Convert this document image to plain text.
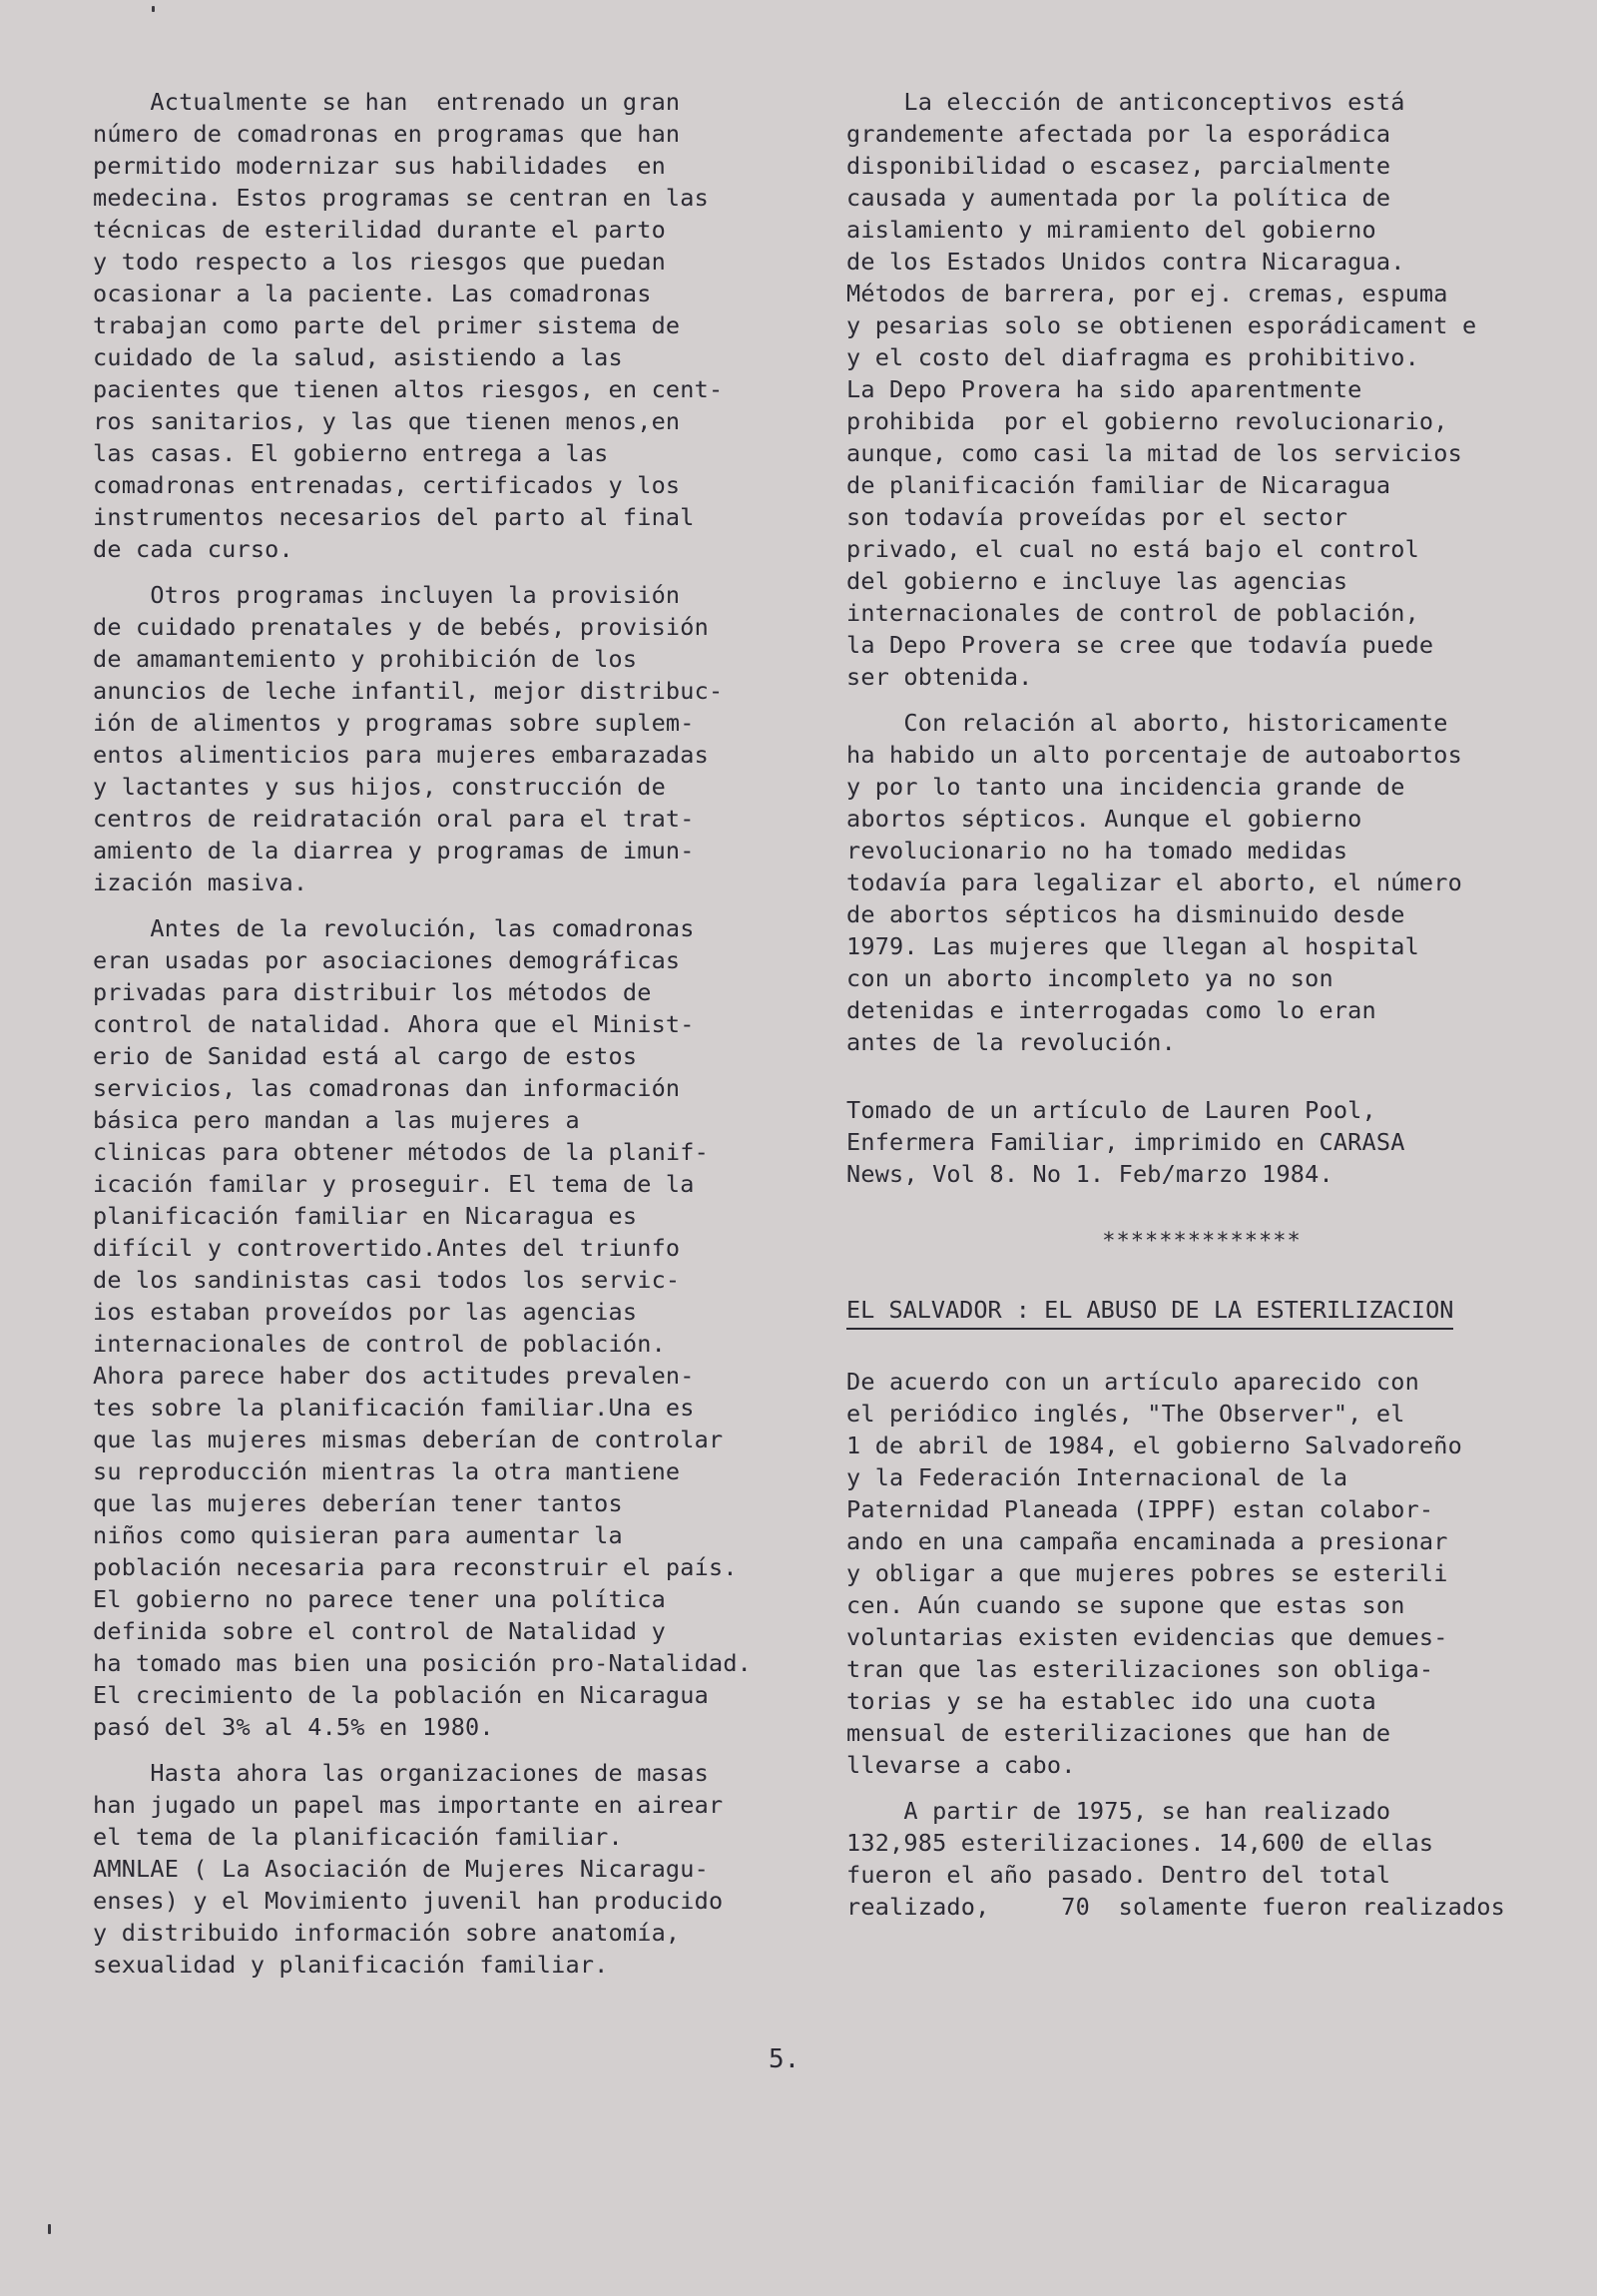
Actualmente se han  entrenado un gran
número de comadronas en programas que han
permitido modernizar sus habilidades  en
medecina. Estos programas se centran en las
técnicas de esterilidad durante el parto
y todo respecto a los riesgos que puedan
ocasionar a la paciente. Las comadronas
trabajan como parte del primer sistema de
cuidado de la salud, asistiendo a las
pacientes que tienen altos riesgos, en cent-
ros sanitarios, y las que tienen menos,en
las casas. El gobierno entrega a las
comadronas entrenadas, certificados y los
instrumentos necesarios del parto al final
de cada curso.

Otros programas incluyen la provisión
de cuidado prenatales y de bebés, provisión
de amamantemiento y prohibición de los
anuncios de leche infantil, mejor distribuc-
ión de alimentos y programas sobre suplem-
entos alimenticios para mujeres embarazadas
y lactantes y sus hijos, construcción de
centros de reidratación oral para el trat-
amiento de la diarrea y programas de imun-
ización masiva.

Antes de la revolución, las comadronas
eran usadas por asociaciones demográficas
privadas para distribuir los métodos de
control de natalidad. Ahora que el Minist-
erio de Sanidad está al cargo de estos
servicios, las comadronas dan información
básica pero mandan a las mujeres a
clinicas para obtener métodos de la planif-
icación familar y proseguir. El tema de la
planificación familiar en Nicaragua es
difícil y controvertido.Antes del triunfo
de los sandinistas casi todos los servic-
ios estaban proveídos por las agencias
internacionales de control de población.
Ahora parece haber dos actitudes prevalen-
tes sobre la planificación familiar.Una es
que las mujeres mismas deberían de controlar
su reproducción mientras la otra mantiene
que las mujeres deberían tener tantos
niños como quisieran para aumentar la
población necesaria para reconstruir el país.
El gobierno no parece tener una política
definida sobre el control de Natalidad y
ha tomado mas bien una posición pro-Natalidad.
El crecimiento de la población en Nicaragua
pasó del 3% al 4.5% en 1980.

Hasta ahora las organizaciones de masas
han jugado un papel mas importante en airear
el tema de la planificación familiar.
AMNLAE ( La Asociación de Mujeres Nicaragu-
enses) y el Movimiento juvenil han producido
y distribuido información sobre anatomía,
sexualidad y planificación familiar.

La elección de anticonceptivos está
grandemente afectada por la esporádica
disponibilidad o escasez, parcialmente
causada y aumentada por la política de
aislamiento y miramiento del gobierno
de los Estados Unidos contra Nicaragua.
Métodos de barrera, por ej. cremas, espuma
y pesarias solo se obtienen esporádicament e
y el costo del diafragma es prohibitivo.
La Depo Provera ha sido aparentmente
prohibida  por el gobierno revolucionario,
aunque, como casi la mitad de los servicios
de planificación familiar de Nicaragua
son todavía proveídas por el sector
privado, el cual no está bajo el control
del gobierno e incluye las agencias
internacionales de control de población,
la Depo Provera se cree que todavía puede
ser obtenida.

Con relación al aborto, historicamente
ha habido un alto porcentaje de autoabortos
y por lo tanto una incidencia grande de
abortos sépticos. Aunque el gobierno
revolucionario no ha tomado medidas
todavía para legalizar el aborto, el número
de abortos sépticos ha disminuido desde
1979. Las mujeres que llegan al hospital
con un aborto incompleto ya no son
detenidas e interrogadas como lo eran
antes de la revolución.

Tomado de un artículo de Lauren Pool,
Enfermera Familiar, imprimido en CARASA
News, Vol 8. No 1. Feb/marzo 1984.

**************

EL SALVADOR : EL ABUSO DE LA ESTERILIZACION

De acuerdo con un artículo aparecido con
el periódico inglés, "The Observer", el
1 de abril de 1984, el gobierno Salvadoreño
y la Federación Internacional de la
Paternidad Planeada (IPPF) estan colabor-
ando en una campaña encaminada a presionar
y obligar a que mujeres pobres se esterili
cen. Aún cuando se supone que estas son
voluntarias existen evidencias que demues-
tran que las esterilizaciones son obliga-
torias y se ha establec ido una cuota
mensual de esterilizaciones que han de
llevarse a cabo.

A partir de 1975, se han realizado
132,985 esterilizaciones. 14,600 de ellas
fueron el año pasado. Dentro del total
realizado,     70  solamente fueron realizados

5.
